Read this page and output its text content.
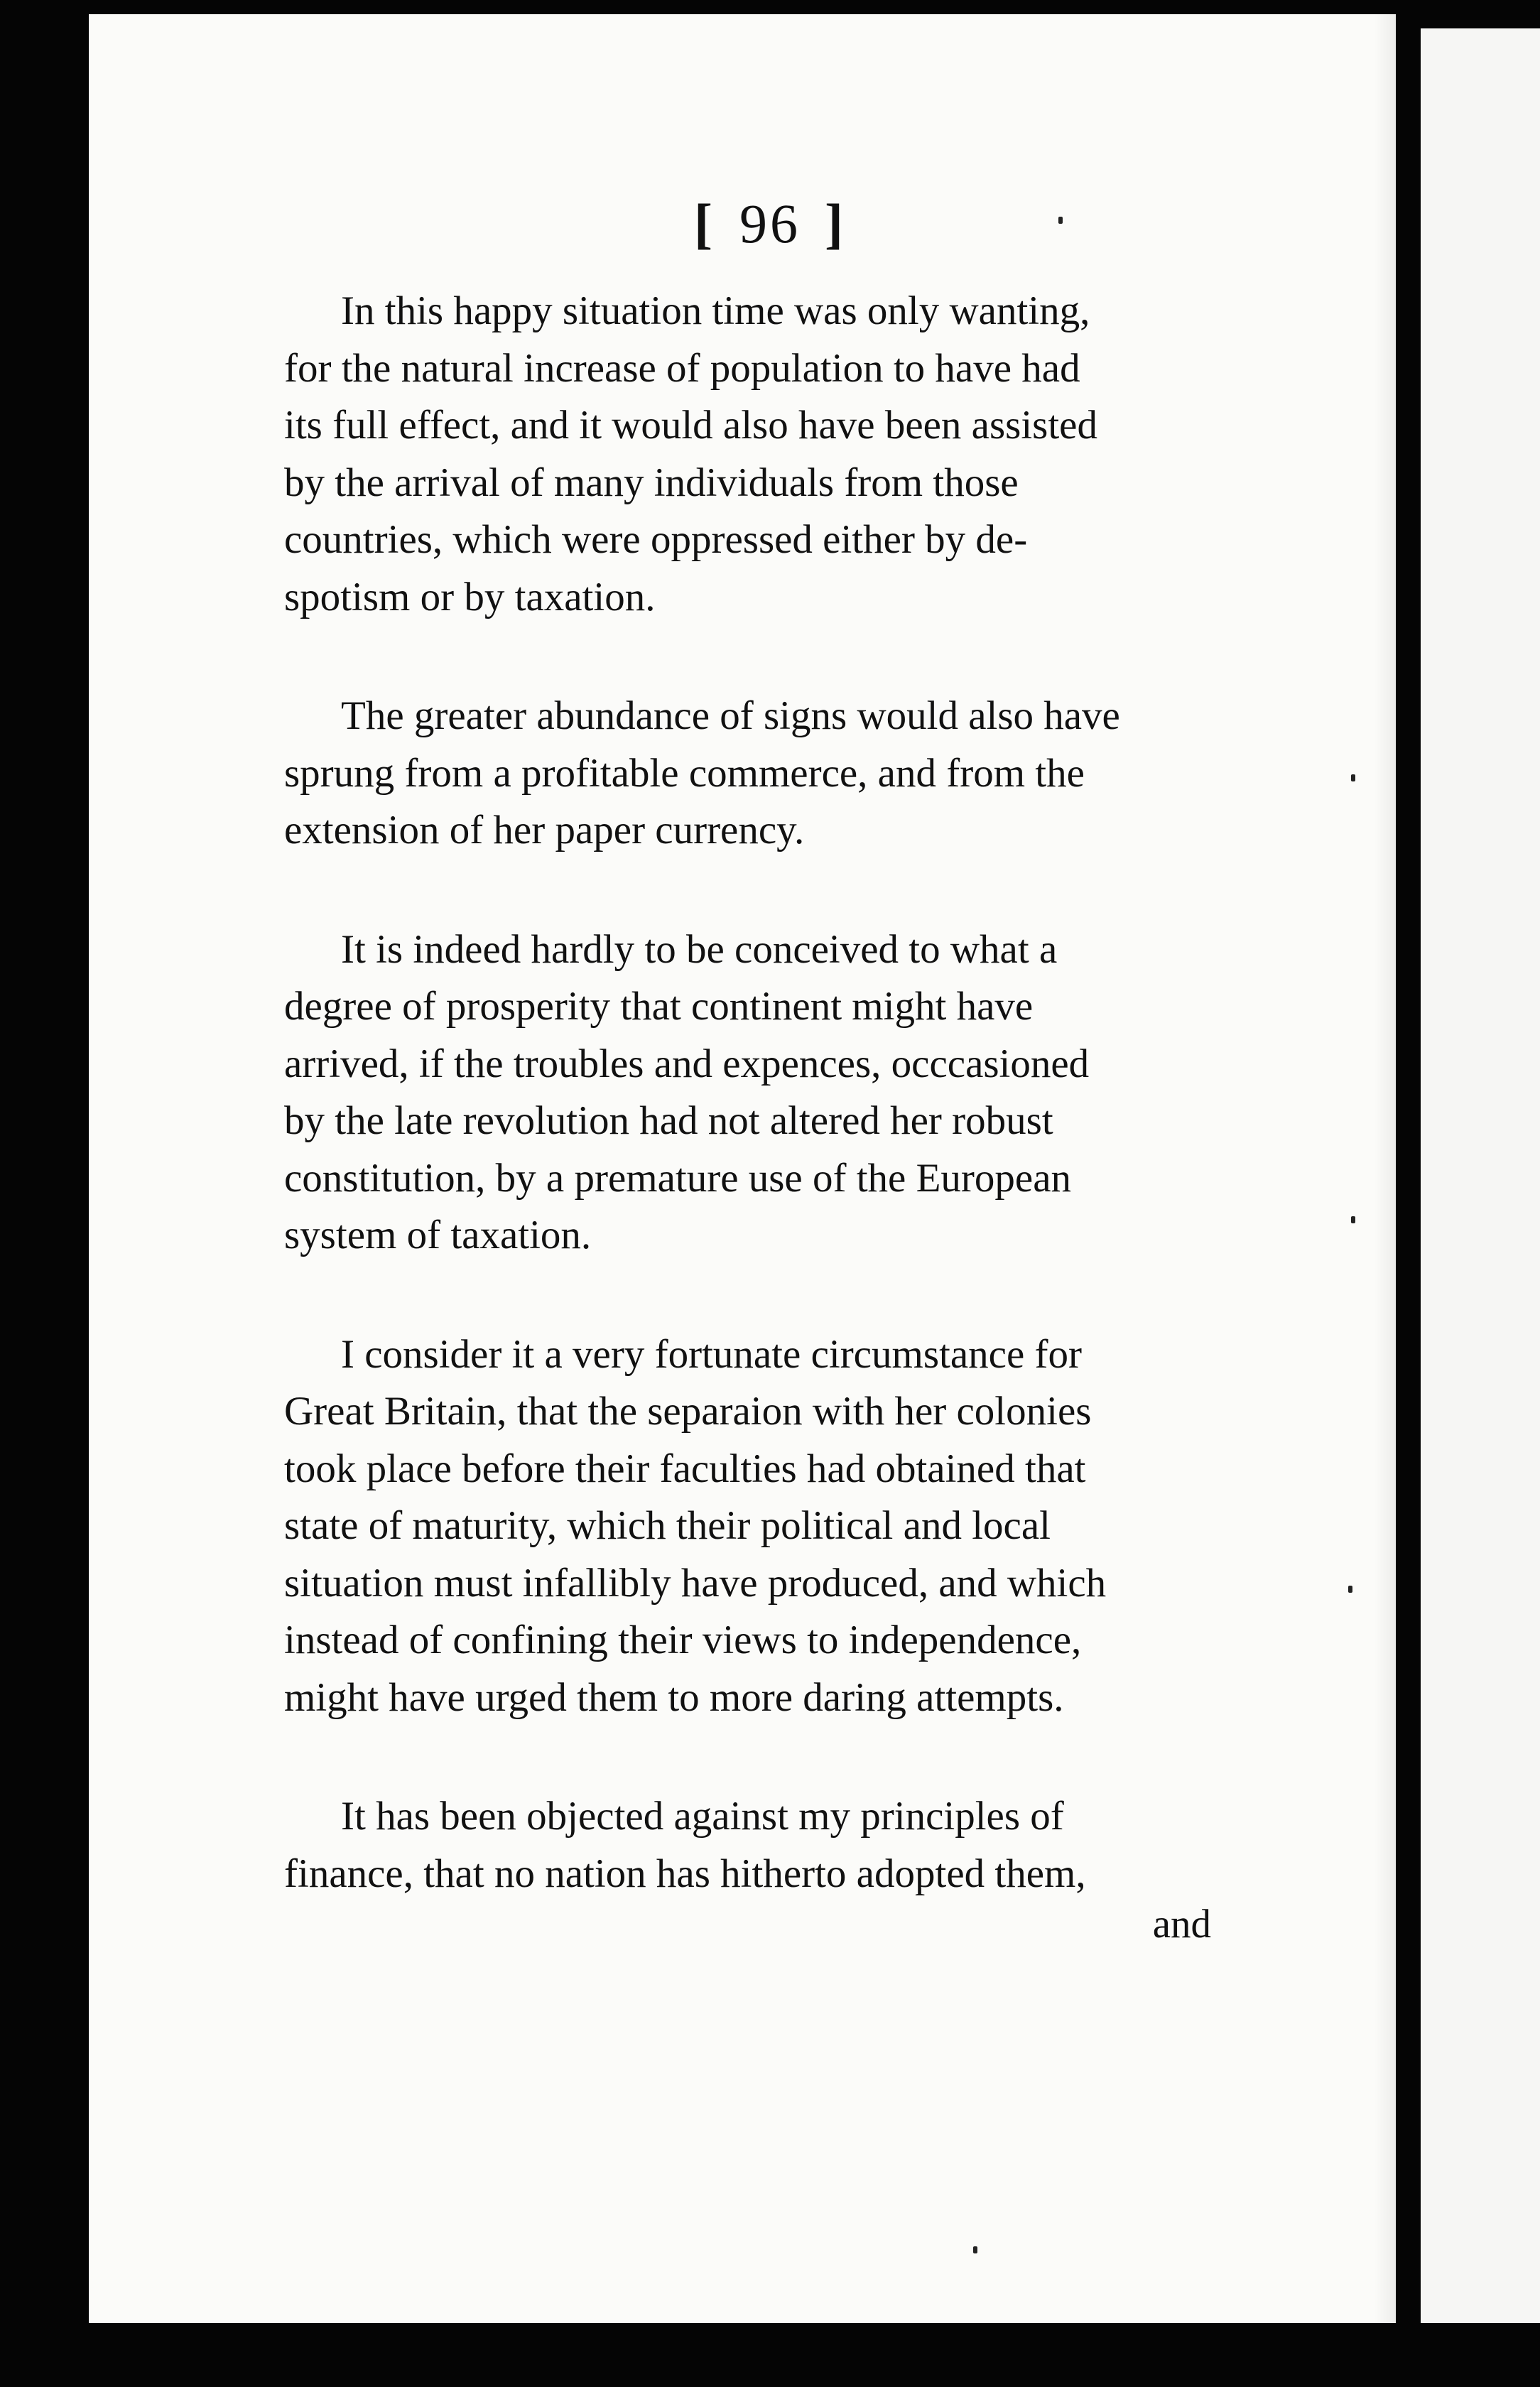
[ 96 ]

In this happy situation time was only wanting,
for the natural increase of population to have had
its full effect, and it would also have been assisted
by the arrival of many individuals from those
countries, which were oppressed either by de-
spotism or by taxation.

The greater abundance of signs would also have
sprung from a profitable commerce, and from the
extension of her paper currency.

It is indeed hardly to be conceived to what a
degree of prosperity that continent might have
arrived, if the troubles and expences, occcasioned
by the late revolution had not altered her robust
constitution, by a premature use of the European
system of taxation.

I consider it a very fortunate circumstance for
Great Britain, that the separaion with her colonies
took place before their faculties had obtained that
state of maturity, which their political and local
situation must infallibly have produced, and which
instead of confining their views to independence,
might have urged them to more daring attempts.

It has been objected against my principles of
finance, that no nation has hitherto adopted them,

and
